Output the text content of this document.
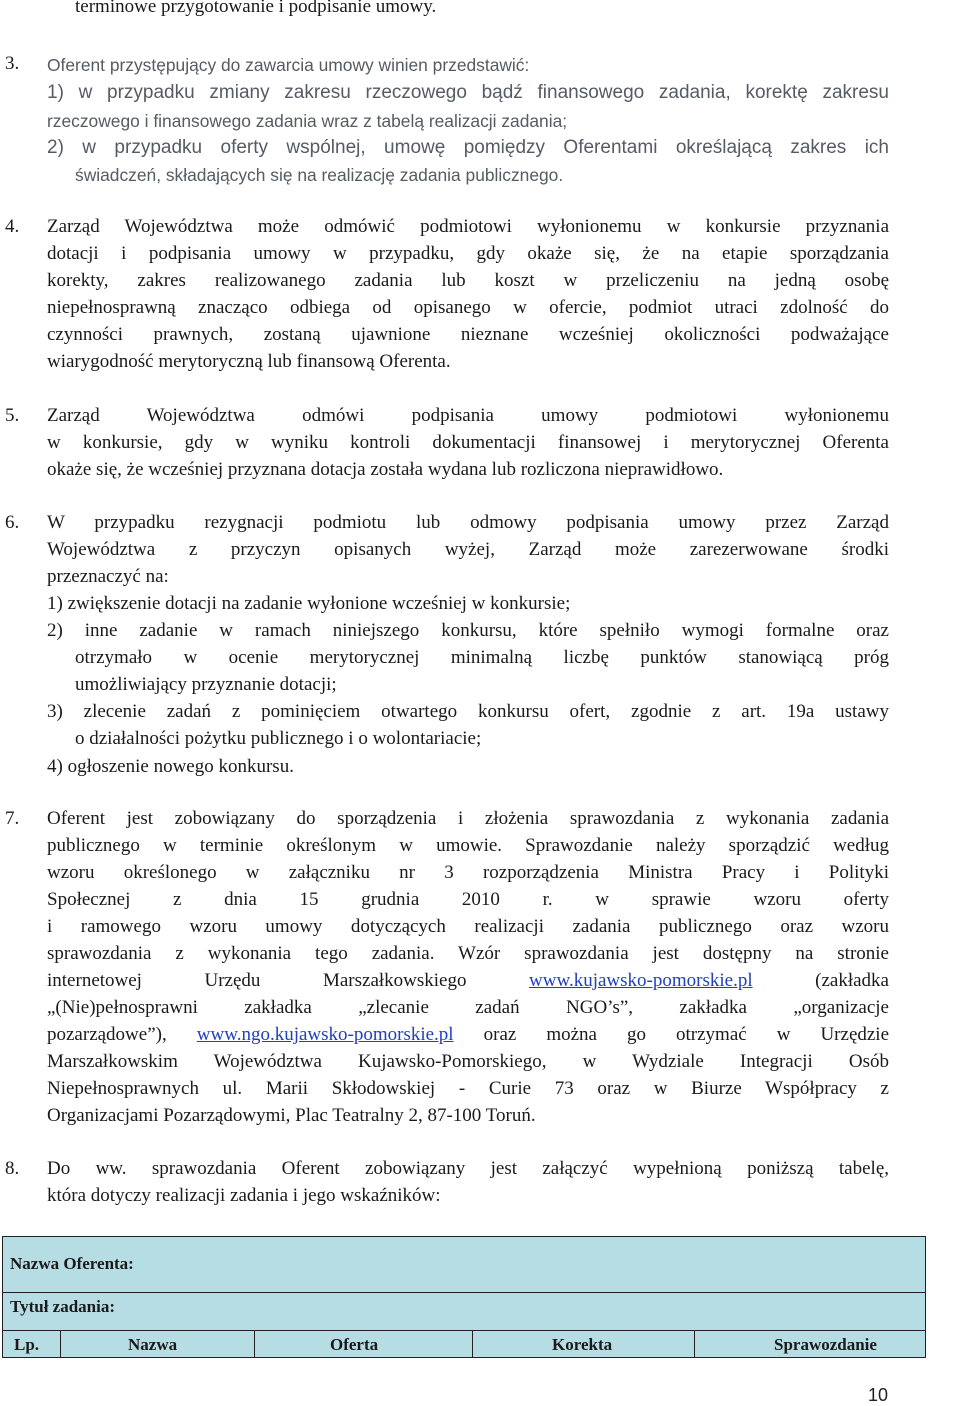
terminowe przygotowanie i podpisanie umowy.
3. Oferent przystępujący do zawarcia umowy winien przedstawić:
1) w przypadku zmiany zakresu rzeczowego bądź finansowego zadania, korektę zakresu
rzeczowego i finansowego zadania wraz z tabelą realizacji zadania;
2) w przypadku oferty wspólnej, umowę pomiędzy Oferentami określającą zakres ich
świadczeń, składających się na realizację zadania publicznego.
4. Zarząd Województwa może odmówić podmiotowi wyłonionemu w konkursie przyznania
dotacji i podpisania umowy w przypadku, gdy okaże się, że na etapie sporządzania
korekty, zakres realizowanego zadania lub koszt w przeliczeniu na jedną osobę
niepełnosprawną znacząco odbiega od opisanego w ofercie, podmiot utraci zdolność do
czynności prawnych, zostaną ujawnione nieznane wcześniej okoliczności podważające
wiarygodność merytoryczną lub finansową Oferenta.
5. Zarząd Województwa odmówi podpisania umowy podmiotowi wyłonionemu
w konkursie, gdy w wyniku kontroli dokumentacji finansowej i merytorycznej Oferenta
okaże się, że wcześniej przyznana dotacja została wydana lub rozliczona nieprawidłowo.
6. W przypadku rezygnacji podmiotu lub odmowy podpisania umowy przez Zarząd
Województwa z przyczyn opisanych wyżej, Zarząd może zarezerwowane środki
przeznaczyć na:
1) zwiększenie dotacji na zadanie wyłonione wcześniej w konkursie;
2) inne zadanie w ramach niniejszego konkursu, które spełniło wymogi formalne oraz
otrzymało w ocenie merytorycznej minimalną liczbę punktów stanowiącą próg
umożliwiający przyznanie dotacji;
3) zlecenie zadań z pominięciem otwartego konkursu ofert, zgodnie z art. 19a ustawy
o działalności pożytku publicznego i o wolontariacie;
4) ogłoszenie nowego konkursu.
7. Oferent jest zobowiązany do sporządzenia i złożenia sprawozdania z wykonania zadania
publicznego w terminie określonym w umowie. Sprawozdanie należy sporządzić według
wzoru określonego w załączniku nr 3 rozporządzenia Ministra Pracy i Polityki
Społecznej z dnia 15 grudnia 2010 r. w sprawie wzoru oferty
i ramowego wzoru umowy dotyczących realizacji zadania publicznego oraz wzoru
sprawozdania z wykonania tego zadania. Wzór sprawozdania jest dostępny na stronie
internetowej Urzędu Marszałkowskiego	www.kujawsko-pomorskie.pl	(zakładka
„(Nie)pełnosprawni zakładka „zlecanie zadań NGO’s”, zakładka „organizacje
pozarządowe”), www.ngo.kujawsko-pomorskie.pl oraz można go otrzymać w Urzędzie
Marszałkowskim Województwa Kujawsko-Pomorskiego, w Wydziale Integracji Osób
Niepełnosprawnych ul. Marii Skłodowskiej - Curie 73 oraz w Biurze Współpracy z
Organizacjami Pozarządowymi, Plac Teatralny 2, 87-100 Toruń.
8. Do ww. sprawozdania Oferent zobowiązany jest załączyć wypełnioną poniższą tabelę,
która dotyczy realizacji zadania i jego wskaźników:
Nazwa Oferenta:
Tytuł zadania:
Lp.	Nazwa	Oferta	Korekta	Sprawozdanie
10
